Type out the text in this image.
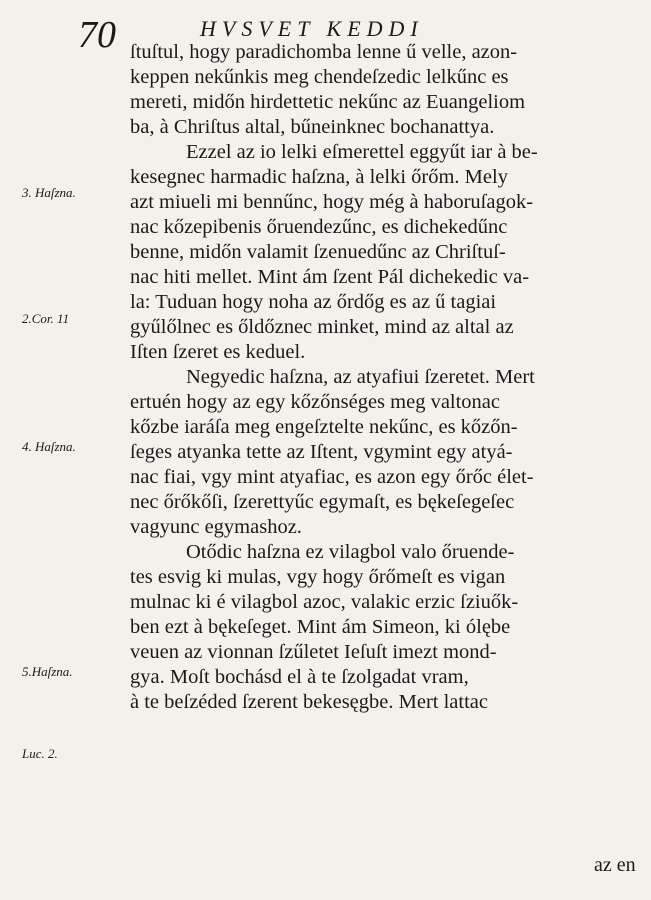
70	HVSVET KEDDI
3. Haſzna.
2.Cor. 11
4. Haſzna.
5.Haſzna.
Luc. 2.
ſtuſtul, hogy paradichomba lenne ű velle, azon-
keppen nekűnkis meg chendeſzedic lelkűnc es
mereti, midőn hirdettetic nekűnc az Euangeliom
ba, à Chriſtus altal, bűneinknec bochanattya.
Ezzel az io lelki eſmerettel eggyűt iar à be-
kesegnec harmadic haſzna, à lelki őrőm. Mely
azt miueli mi bennűnc, hogy még à haboruſagok-
nac kőzepibenis őruendezűnc, es dichekedűnc
benne, midőn valamit ſzenuedűnc az Chriſtuſ-
nac hiti mellet. Mint ám ſzent Pál dichekedic va-
la: Tuduan hogy noha az őrdőg es az ű tagiai
gyűlőlnec es őldőznec minket, mind az altal az
Iſten ſzeret es keduel.
Negyedic haſzna, az atyafiui ſzeretet. Mert
ertuén hogy az egy kőzőnséges meg valtonac
kőzbe iaráſa meg engeſztelte nekűnc, es kőzőn-
ſeges atyanka tette az Iſtent, vgymint egy atyá-
nac fiai, vgy mint atyafiac, es azon egy őrőc élet-
nec őrőkőſi, ſzerettyűc egymaſt, es bękeſegeſec
vagyunc egymashoz.
Otődic haſzna ez vilagbol valo őruende-
tes esvig ki mulas, vgy hogy őrőmeſt es vigan
mulnac ki é vilagbol azoc, valakic erzic ſziuők-
ben ezt à bękeſeget. Mint ám Simeon, ki ólębe
veuen az vionnan ſzűletet Ieſuſt imezt mond-
gya. Moſt bochásd el à te ſzolgadat vram,
à te beſzéded ſzerent bekesęgbe. Mert lattac
az en
